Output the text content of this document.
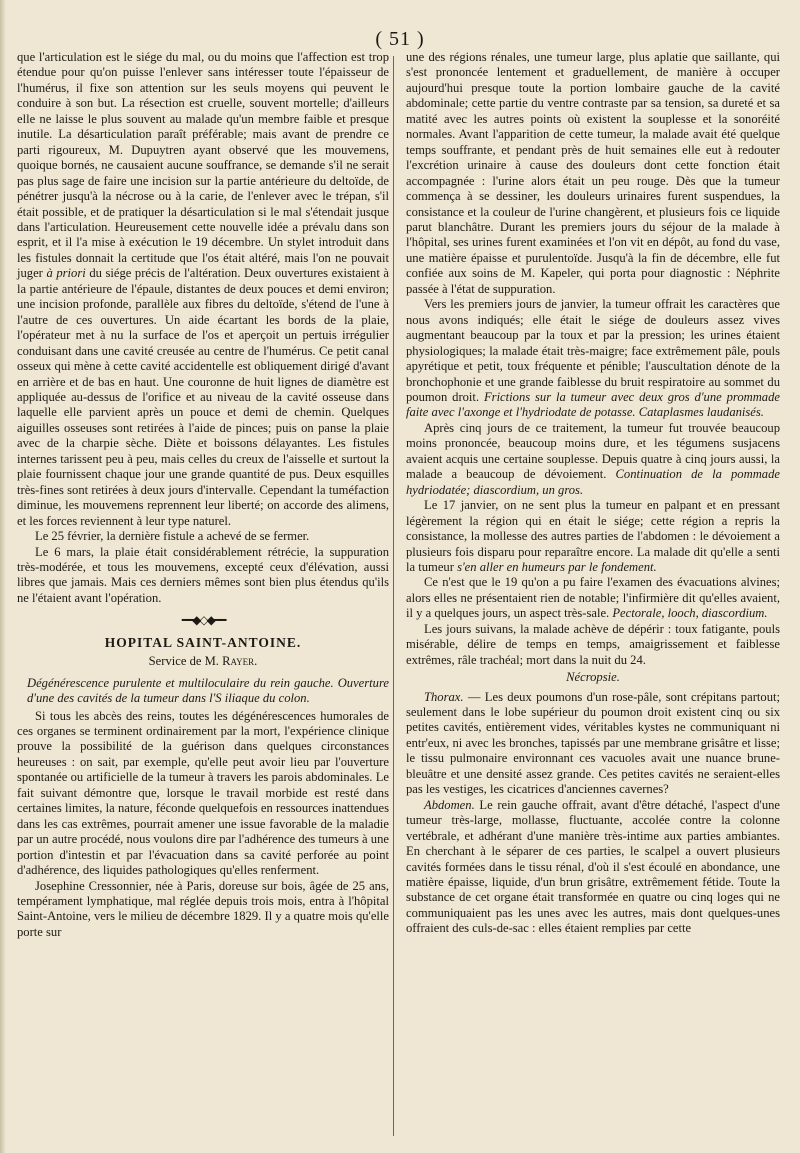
( 51 )

que l'articulation est le siége du mal, ou du moins que l'affection est trop étendue pour qu'on puisse l'enlever sans intéresser toute l'épaisseur de l'humérus, il fixe son attention sur les seuls moyens qui peuvent le conduire à son but. La résection est cruelle, souvent mortelle; d'ailleurs elle ne laisse le plus souvent au malade qu'un membre faible et presque inutile. La désarticulation paraît préférable; mais avant de prendre ce parti rigoureux, M. Dupuytren ayant observé que les mouvemens, quoique bornés, ne causaient aucune souffrance, se demande s'il ne serait pas plus sage de faire une incision sur la partie antérieure du deltoïde, de pénétrer jusqu'à la nécrose ou à la carie, de l'enlever avec le trépan, s'il était possible, et de pratiquer la désarticulation si le mal s'étendait jusque dans l'articulation. Heureusement cette nouvelle idée a prévalu dans son esprit, et il l'a mise à exécution le 19 décembre. Un stylet introduit dans les fistules donnait la certitude que l'os était altéré, mais l'on ne pouvait juger à priori du siége précis de l'altération. Deux ouvertures existaient à la partie antérieure de l'épaule, distantes de deux pouces et demi environ; une incision profonde, parallèle aux fibres du deltoïde, s'étend de l'une à l'autre de ces ouvertures. Un aide écartant les bords de la plaie, l'opérateur met à nu la surface de l'os et aperçoit un pertuis irrégulier conduisant dans une cavité creusée au centre de l'humérus. Ce petit canal osseux qui mène à cette cavité accidentelle est obliquement dirigé d'avant en arrière et de bas en haut. Une couronne de huit lignes de diamètre est appliquée au-dessus de l'orifice et au niveau de la cavité osseuse dans laquelle elle parvient après un pouce et demi de chemin. Quelques aiguilles osseuses sont retirées à l'aide de pinces; puis on panse la plaie avec de la charpie sèche. Diète et boissons délayantes. Les fistules internes tarissent peu à peu, mais celles du creux de l'aisselle et surtout la plaie fournissent chaque jour une grande quantité de pus. Deux esquilles très-fines sont retirées à deux jours d'intervalle. Cependant la tuméfaction diminue, les mouvemens reprennent leur liberté; on accorde des alimens, et les forces reviennent à leur type naturel.

Le 25 février, la dernière fistule a achevé de se fermer.

Le 6 mars, la plaie était considérablement rétrécie, la suppuration très-modérée, et tous les mouvemens, excepté ceux d'élévation, aussi libres que jamais. Mais ces derniers mêmes sont bien plus étendus qu'ils ne l'étaient avant l'opération.

━━◆◇◆━━
HOPITAL SAINT-ANTOINE.
Service de M. Rayer.

Dégénérescence purulente et multiloculaire du rein gauche. Ouverture d'une des cavités de la tumeur dans l'S iliaque du colon.

Si tous les abcès des reins, toutes les dégénérescences humorales de ces organes se terminent ordinairement par la mort, l'expérience clinique prouve la possibilité de la guérison dans quelques circonstances heureuses : on sait, par exemple, qu'elle peut avoir lieu par l'ouverture spontanée ou artificielle de la tumeur à travers les parois abdominales. Le fait suivant démontre que, lorsque le travail morbide est resté dans certaines limites, la nature, féconde quelquefois en ressources inattendues dans les cas extrêmes, pourrait amener une issue favorable de la maladie par un autre procédé, nous voulons dire par l'adhérence des tumeurs à une portion d'intestin et par l'évacuation dans sa cavité perforée au point d'adhérence, des liquides pathologiques qu'elles renferment.

Josephine Cressonnier, née à Paris, doreuse sur bois, âgée de 25 ans, tempérament lymphatique, mal réglée depuis trois mois, entra à l'hôpital Saint-Antoine, vers le milieu de décembre 1829. Il y a quatre mois qu'elle porte sur

une des régions rénales, une tumeur large, plus aplatie que saillante, qui s'est prononcée lentement et graduellement, de manière à occuper aujourd'hui presque toute la portion lombaire gauche de la cavité abdominale; cette partie du ventre contraste par sa tension, sa dureté et sa matité avec les autres points où existent la souplesse et la sonoréité normales. Avant l'apparition de cette tumeur, la malade avait été quelque temps souffrante, et pendant près de huit semaines elle eut à redouter l'excrétion urinaire à cause des douleurs dont cette fonction était accompagnée : l'urine alors était un peu rouge. Dès que la tumeur commença à se dessiner, les douleurs urinaires furent suspendues, la consistance et la couleur de l'urine changèrent, et plusieurs fois ce liquide parut blanchâtre. Durant les premiers jours du séjour de la malade à l'hôpital, ses urines furent examinées et l'on vit en dépôt, au fond du vase, une matière épaisse et purulentoïde. Jusqu'à la fin de décembre, elle fut confiée aux soins de M. Kapeler, qui porta pour diagnostic : Néphrite passée à l'état de suppuration.

Vers les premiers jours de janvier, la tumeur offrait les caractères que nous avons indiqués; elle était le siége de douleurs assez vives augmentant beaucoup par la toux et par la pression; les urines étaient physiologiques; la malade était très-maigre; face extrêmement pâle, pouls apyrétique et petit, toux fréquente et pénible; l'auscultation dénote de la bronchophonie et une grande faiblesse du bruit respiratoire au sommet du poumon droit. Frictions sur la tumeur avec deux gros d'une prommade faite avec l'axonge et l'hydriodate de potasse. Cataplasmes laudanisés.

Après cinq jours de ce traitement, la tumeur fut trouvée beaucoup moins prononcée, beaucoup moins dure, et les tégumens susjacens avaient acquis une certaine souplesse. Depuis quatre à cinq jours aussi, la malade a beaucoup de dévoiement. Continuation de la pommade hydriodatée; diascordium, un gros.

Le 17 janvier, on ne sent plus la tumeur en palpant et en pressant légèrement la région qui en était le siége; cette région a repris la consistance, la mollesse des autres parties de l'abdomen : le dévoiement a plusieurs fois disparu pour reparaître encore. La malade dit qu'elle a senti la tumeur s'en aller en humeurs par le fondement.

Ce n'est que le 19 qu'on a pu faire l'examen des évacuations alvines; alors elles ne présentaient rien de notable; l'infirmière dit qu'elles avaient, il y a quelques jours, un aspect très-sale. Pectorale, looch, diascordium.

Les jours suivans, la malade achève de dépérir : toux fatigante, pouls misérable, délire de temps en temps, amaigrissement et faiblesse extrêmes, râle trachéal; mort dans la nuit du 24.

Nécropsie.

Thorax. — Les deux poumons d'un rose-pâle, sont crépitans partout; seulement dans le lobe supérieur du poumon droit existent cinq ou six petites cavités, entièrement vides, véritables kystes ne communiquant ni entr'eux, ni avec les bronches, tapissés par une membrane grisâtre et lisse; le tissu pulmonaire environnant ces vacuoles avait une nuance brune-bleuâtre et une densité assez grande. Ces petites cavités ne seraient-elles pas les vestiges, les cicatrices d'anciennes cavernes?

Abdomen. Le rein gauche offrait, avant d'être détaché, l'aspect d'une tumeur très-large, mollasse, fluctuante, accolée contre la colonne vertébrale, et adhérant d'une manière très-intime aux parties ambiantes. En cherchant à le séparer de ces parties, le scalpel a ouvert plusieurs cavités formées dans le tissu rénal, d'où il s'est écoulé en abondance, une matière épaisse, liquide, d'un brun grisâtre, extrêmement fétide. Toute la substance de cet organe était transformée en quatre ou cinq loges qui ne communiquaient pas les unes avec les autres, mais dont quelques-unes offraient des culs-de-sac : elles étaient remplies par cette
